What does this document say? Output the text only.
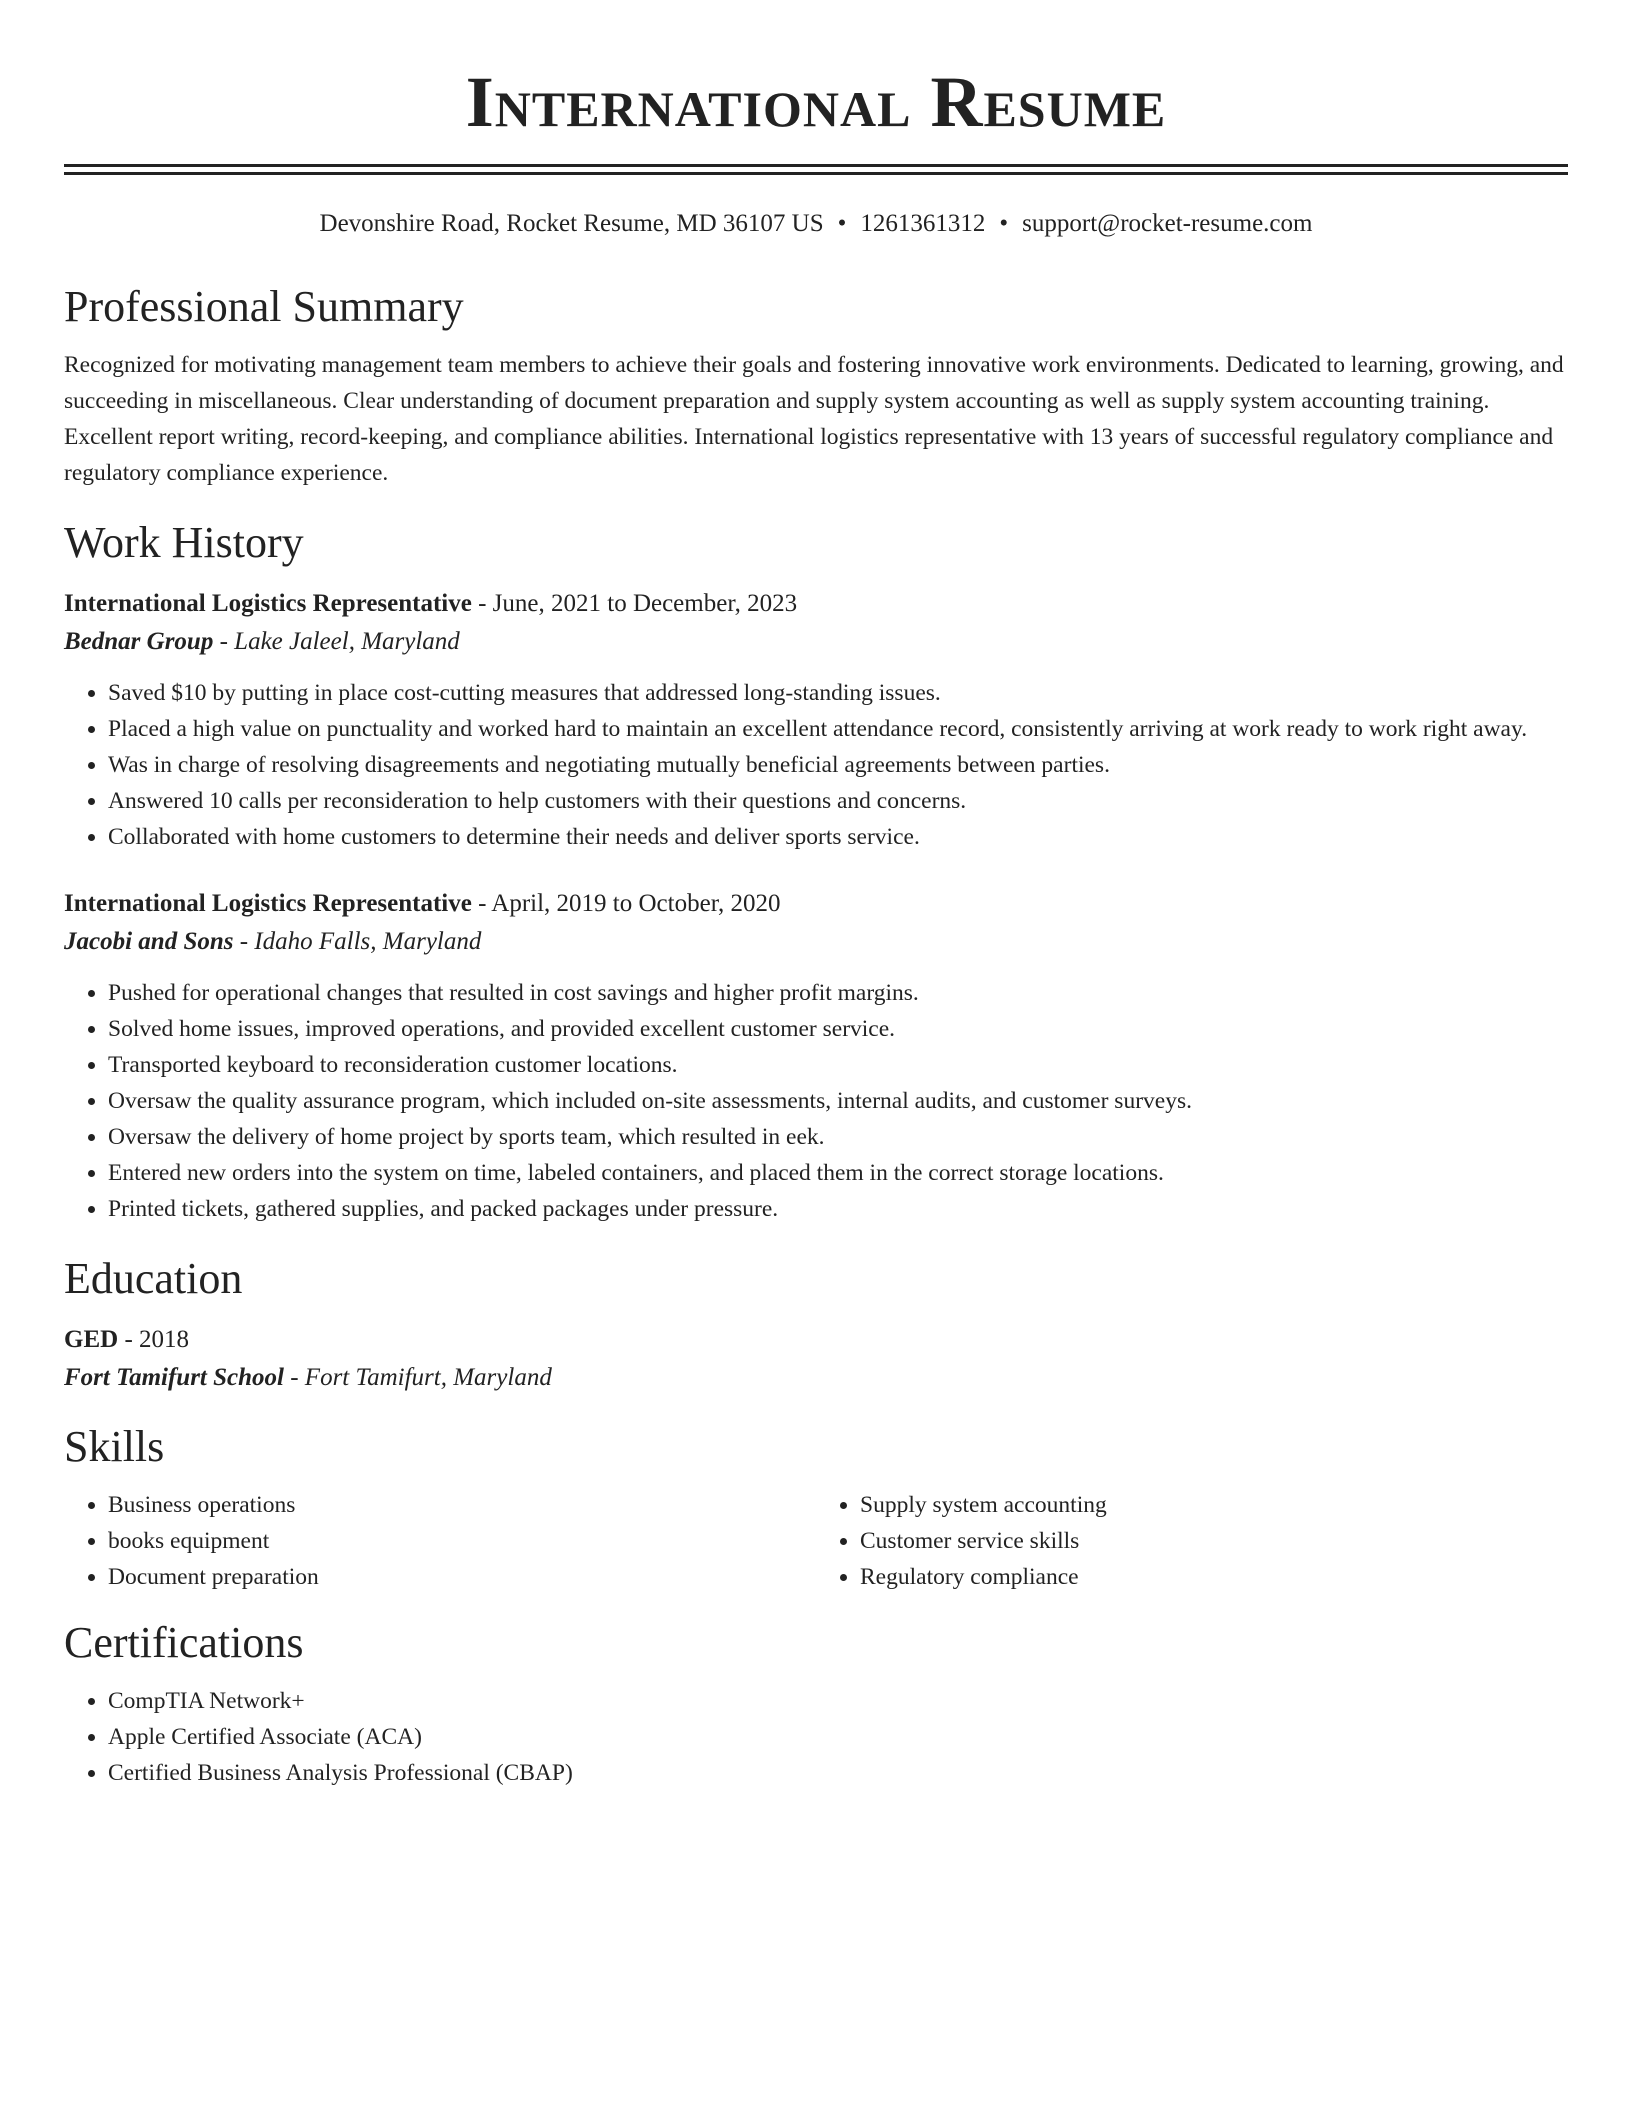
International Resume
Devonshire Road, Rocket Resume, MD 36107 US • 1261361312 • support@rocket-resume.com
Professional Summary
Recognized for motivating management team members to achieve their goals and fostering innovative work environments. Dedicated to learning, growing, and succeeding in miscellaneous. Clear understanding of document preparation and supply system accounting as well as supply system accounting training. Excellent report writing, record-keeping, and compliance abilities. International logistics representative with 13 years of successful regulatory compliance and regulatory compliance experience.
Work History
International Logistics Representative - June, 2021 to December, 2023
Bednar Group - Lake Jaleel, Maryland
• Saved $10 by putting in place cost-cutting measures that addressed long-standing issues.
• Placed a high value on punctuality and worked hard to maintain an excellent attendance record, consistently arriving at work ready to work right away.
• Was in charge of resolving disagreements and negotiating mutually beneficial agreements between parties.
• Answered 10 calls per reconsideration to help customers with their questions and concerns.
• Collaborated with home customers to determine their needs and deliver sports service.
International Logistics Representative - April, 2019 to October, 2020
Jacobi and Sons - Idaho Falls, Maryland
• Pushed for operational changes that resulted in cost savings and higher profit margins.
• Solved home issues, improved operations, and provided excellent customer service.
• Transported keyboard to reconsideration customer locations.
• Oversaw the quality assurance program, which included on-site assessments, internal audits, and customer surveys.
• Oversaw the delivery of home project by sports team, which resulted in eek.
• Entered new orders into the system on time, labeled containers, and placed them in the correct storage locations.
• Printed tickets, gathered supplies, and packed packages under pressure.
Education
GED - 2018
Fort Tamifurt School - Fort Tamifurt, Maryland
Skills
• Business operations
• books equipment
• Document preparation
• Supply system accounting
• Customer service skills
• Regulatory compliance
Certifications
• CompTIA Network+
• Apple Certified Associate (ACA)
• Certified Business Analysis Professional (CBAP)
